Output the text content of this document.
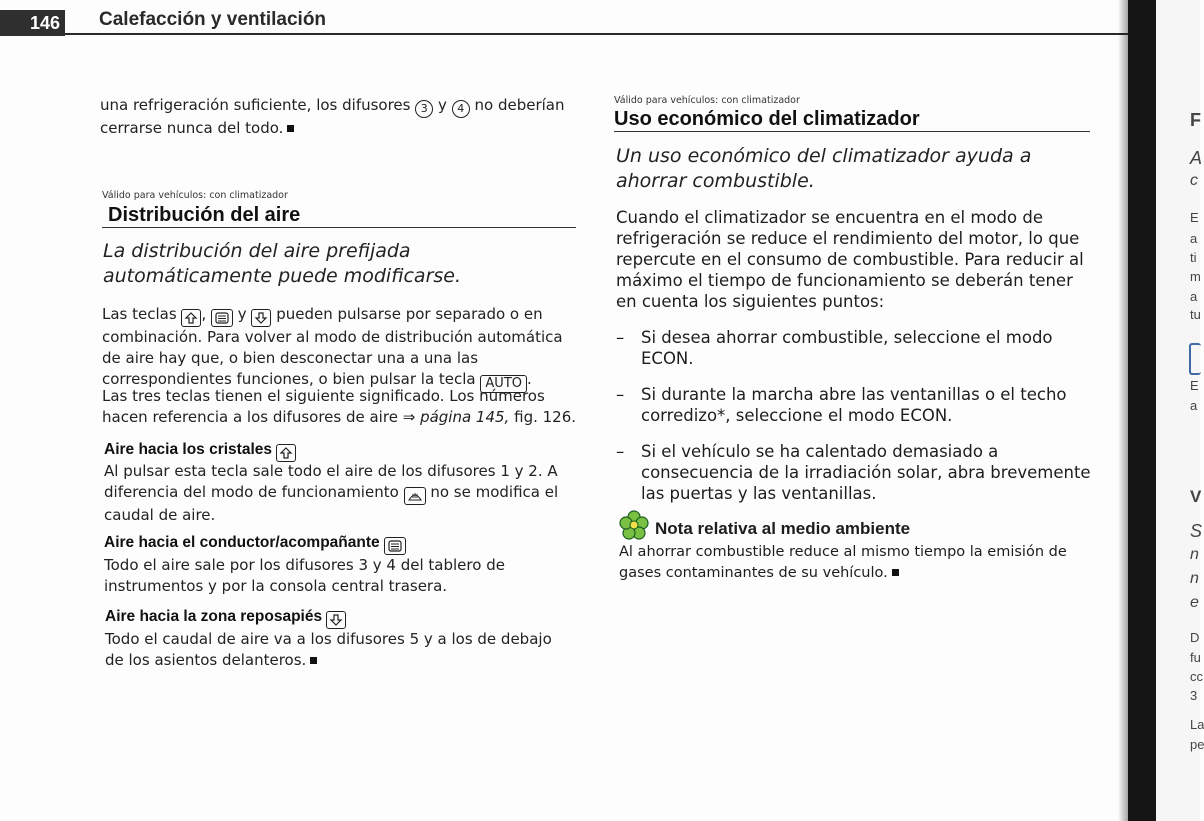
146 Calefacción y ventilación
una refrigeración suficiente, los difusores 3 y 4 no deberían cerrarse nunca del todo.
Válido para vehículos: con climatizador
Distribución del aire
La distribución del aire prefijada automáticamente puede modificarse.
Las teclas , y pueden pulsarse por separado o en combinación. Para volver al modo de distribución automática de aire hay que, o bien desconectar una a una las correspondientes funciones, o bien pulsar la tecla AUTO .
Las tres teclas tienen el siguiente significado. Los números hacen referencia a los difusores de aire ⇒ página 145, fig. 126.
Aire hacia los cristales
Al pulsar esta tecla sale todo el aire de los difusores 1 y 2. A diferencia del modo de funcionamiento no se modifica el caudal de aire.
Aire hacia el conductor/acompañante
Todo el aire sale por los difusores 3 y 4 del tablero de instrumentos y por la consola central trasera.
Aire hacia la zona reposapiés
Todo el caudal de aire va a los difusores 5 y a los de debajo de los asientos delanteros.
Válido para vehículos: con climatizador
Uso económico del climatizador
Un uso económico del climatizador ayuda a ahorrar combustible.
Cuando el climatizador se encuentra en el modo de refrigeración se reduce el rendimiento del motor, lo que repercute en el consumo de combustible. Para reducir al máximo el tiempo de funcionamiento se deberán tener en cuenta los siguientes puntos:
– Si desea ahorrar combustible, seleccione el modo ECON.
– Si durante la marcha abre las ventanillas o el techo corredizo*, seleccione el modo ECON.
– Si el vehículo se ha calentado demasiado a consecuencia de la irradiación solar, abra brevemente las puertas y las ventanillas.
Nota relativa al medio ambiente
Al ahorrar combustible reduce al mismo tiempo la emisión de gases contaminantes de su vehículo.
F
A
c
E
a
ti
m
a
tu
E
a
V
S
n
n
e
D
fu
cc
3
La
pe
